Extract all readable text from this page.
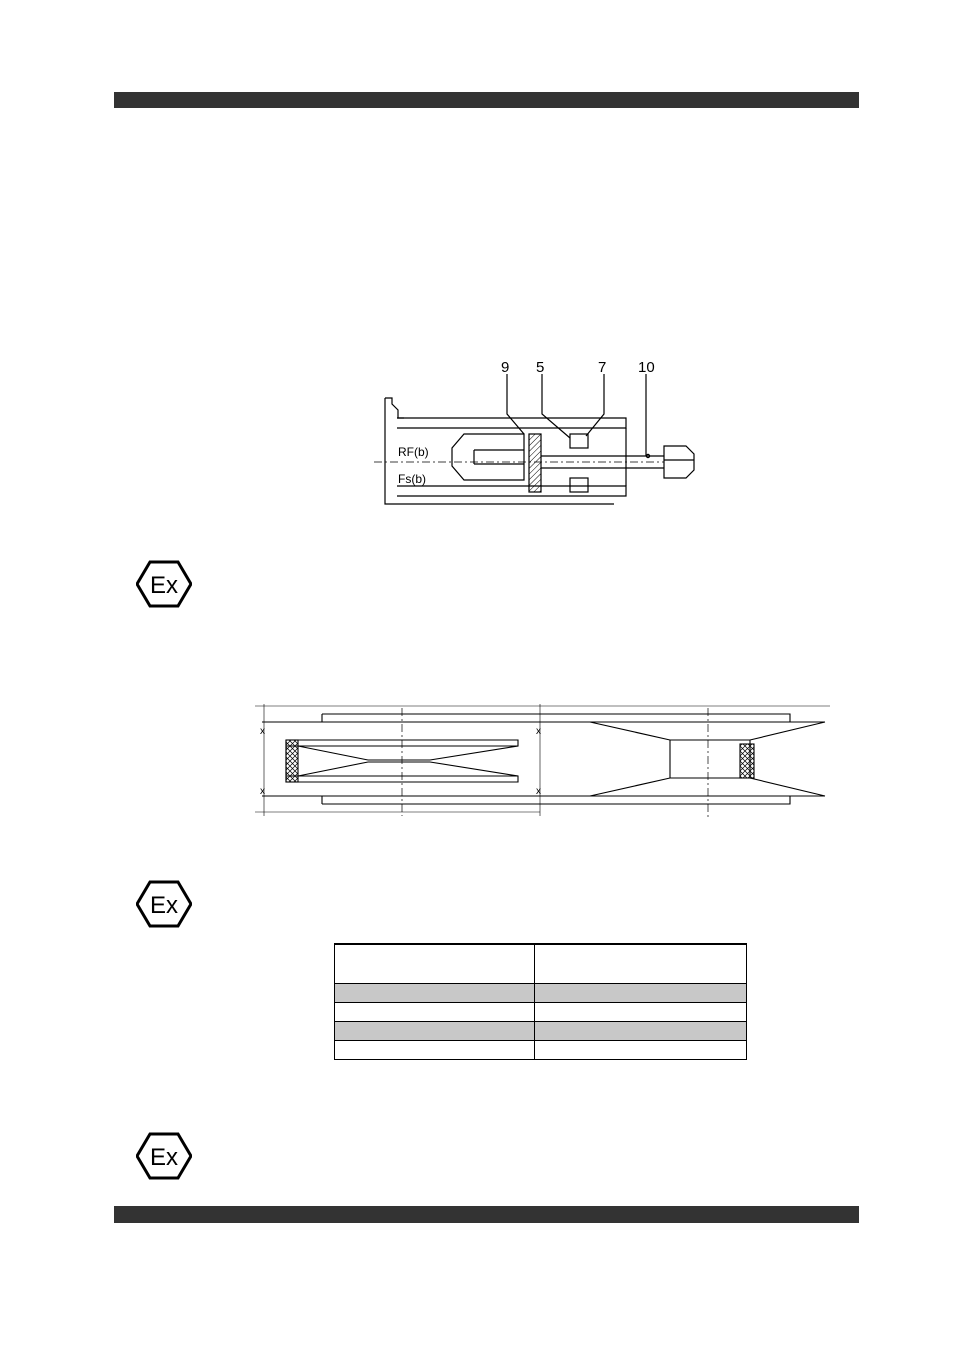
9 5	7 10
RF(b)
Fs(b)
Ex
x
x
x
x
Ex

Ex
